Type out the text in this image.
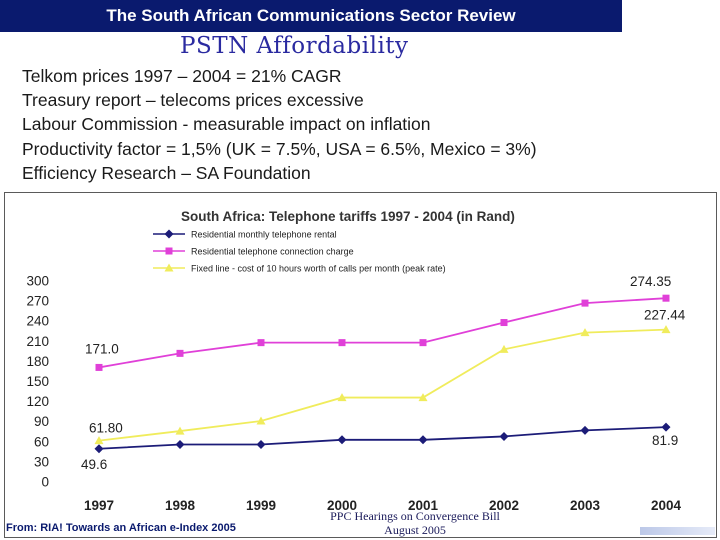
The South African Communications Sector Review
PSTN Affordability
Telkom prices 1997 – 2004 = 21% CAGR
Treasury report – telecoms prices excessive
Labour Commission - measurable impact on inflation
Productivity factor = 1,5% (UK = 7.5%, USA = 6.5%, Mexico = 3%)
Efficiency Research – SA Foundation
South Africa: Telephone tariffs 1997 - 2004 (in Rand)
Residential monthly telephone rental
Residential telephone connection charge
Fixed line - cost of 10 hours worth of calls per month (peak rate)
300
270
240
210
180
150
120
90
60
30
0
1997	1998	1999	2000	2001	2002	2003	2004
171.0
61.80
49.6
274.35
227.44
81.9
From: RIA! Towards an African e-Index 2005
PPC Hearings on Convergence Bill
August 2005
